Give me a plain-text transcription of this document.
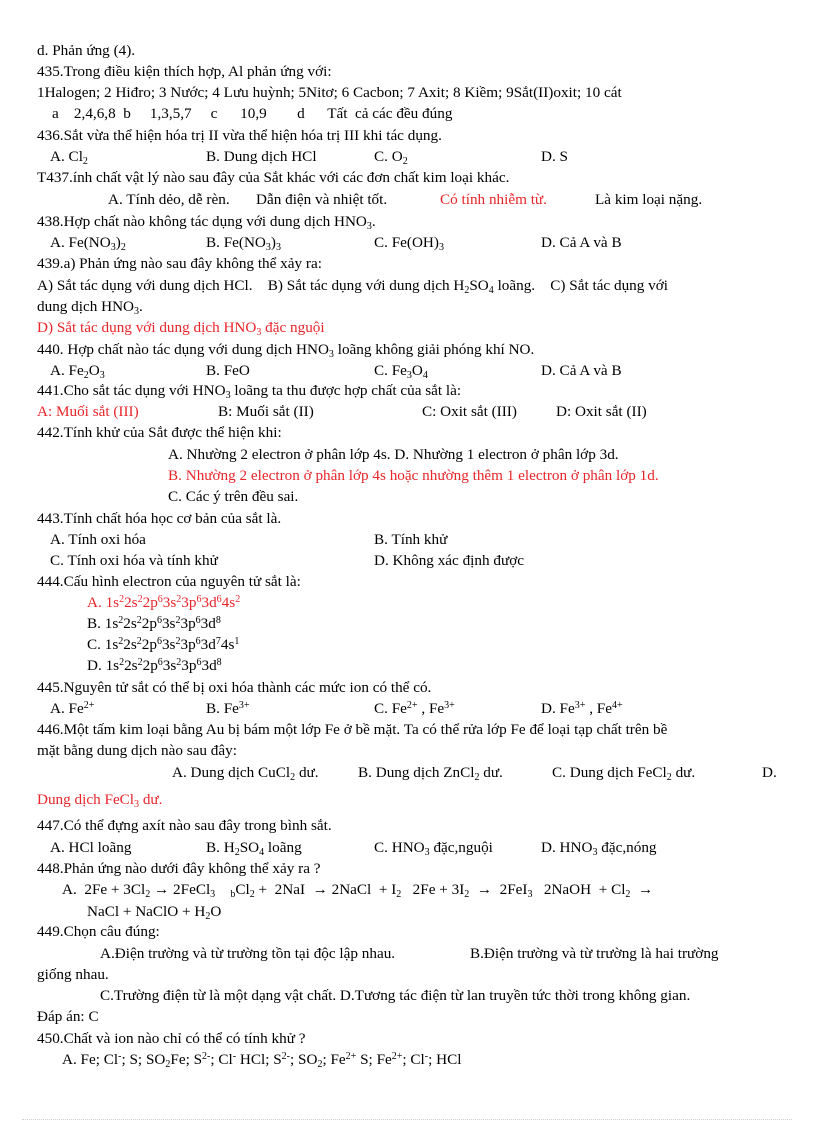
d. Phản ứng (4).
435.Trong điều kiện thích hợp, Al phản ứng với:
1Halogen; 2 Hiđro; 3 Nước; 4 Lưu huỳnh; 5Nitơ; 6 Cacbon; 7 Axit; 8 Kiềm; 9Sắt(II)oxit; 10 cát
a    2,4,6,8  b     1,3,5,7     c      10,9        d      Tất  cả các đều đúng
436.Sắt vừa thể hiện hóa trị II vừa thể hiện hóa trị III khi tác dụng.
A. $Cl_2$	B. Dung dịch HCl	C. $O_2$	D. S
T437.ính chất vật lý nào sau đây của Sắt khác với các đơn chất kim loại khác.
A. Tính dẻo, dễ rèn. Dẫn điện và nhiệt tốt.	Có tính nhiễm từ.	Là kim loại nặng.
438.Hợp chất nào không tác dụng với dung dịch $HNO_3$.
A. $Fe(NO_3)_2$	B. $Fe(NO_3)_3$	C. $Fe(OH)_3$	D. Cả A và B
439.a) Phản ứng nào sau đây không thể xảy ra:
A) Sắt tác dụng với dung dịch HCl.    B) Sắt tác dụng với dung dịch $H_2SO_4$ loãng.    C) Sắt tác dụng với
dung dịch $HNO_3$.
D) Sắt tác dụng với dung dịch $HNO_3$ đặc nguội
440. Hợp chất nào tác dụng với dung dịch $HNO_3$ loãng không giải phóng khí NO.
A. $Fe_2O_3$	B. FeO	C. $Fe_3O_4$	D. Cả A và B
441.Cho sắt tác dụng với $HNO_3$ loãng ta thu được hợp chất của sắt là:
A: Muối sắt (III)	B: Muối sắt (II)	C: Oxit sắt (III)	D: Oxit sắt (II)
442.Tính khử của Sắt được thể hiện khi:
A. Nhường 2 electron ở phân lớp 4s. D. Nhường 1 electron ở phân lớp 3d.
B. Nhường 2 electron ở phân lớp 4s hoặc nhường thêm 1 electron ở phân lớp 1d.
C. Các ý trên đều sai.
443.Tính chất hóa học cơ bản của sắt là.
A. Tính oxi hóa	B. Tính khử
C. Tính oxi hóa và tính khử	D. Không xác định được
444.Cấu hình electron của nguyên tử sắt là:
A. $1s^22s^22p^63s^23p^63d^64s^2$
B. $1s^22s^22p^63s^23p^63d^8$
C. $1s^22s^22p^63s^23p^63d^74s^1$
D. $1s^22s^22p^63s^23p^63d^8$
445.Nguyên tử sắt có thể bị oxi hóa thành các mức ion có thể có.
A. $Fe^{2+}$	B. $Fe^{3+}$	C. $Fe^{2+}$ , $Fe^{3+}$	D. $Fe^{3+}$ , $Fe^{4+}$
446.Một tấm kim loại bằng Au bị bám một lớp Fe ở bề mặt. Ta có thể rửa lớp Fe để loại tạp chất trên bề
mặt bằng dung dịch nào sau đây:
A. Dung dịch CuCl$_2$ dư.	B. Dung dịch ZnCl$_2$ dư.	C. Dung dịch FeCl$_2$ dư.	D.
Dung dịch FeCl$_3$ dư.
447.Có thể đựng axít nào sau đây trong bình sắt.
A. HCl loãng	B. $H_2SO_4$ loãng	C. $HNO_3$ đặc,nguội	D. $HNO_3$ đặc,nóng
448.Phản ứng nào dưới đây không thể xảy ra ?
A.  $2Fe + 3Cl_2$ → 2FeCl$_3$ $_bCl_2 + 2NaI$  → 2NaCl  + $I_2$   $2Fe + 3I_2 \to 2FeI_3$   2NaOH  + $Cl_2$  →
NaCl + NaClO + $H_2O$
449.Chọn câu đúng:
A.Điện trường và từ trường tồn tại độc lập nhau.	B.Điện trường và từ trường là hai trường
giống nhau.
C.Trường điện từ là một dạng vật chất. D.Tương tác điện từ lan truyền tức thời trong không gian.
Đáp án: C
450.Chất và ion nào chỉ có thể có tính khử ?
A. Fe; Cl-; S; $SO_2Fe$; $S^{2-}$; Cl- HCl; $S^{2-}$; $SO_2$; $Fe^{2+}$ S; $Fe^{2+}$; Cl-; HCl
